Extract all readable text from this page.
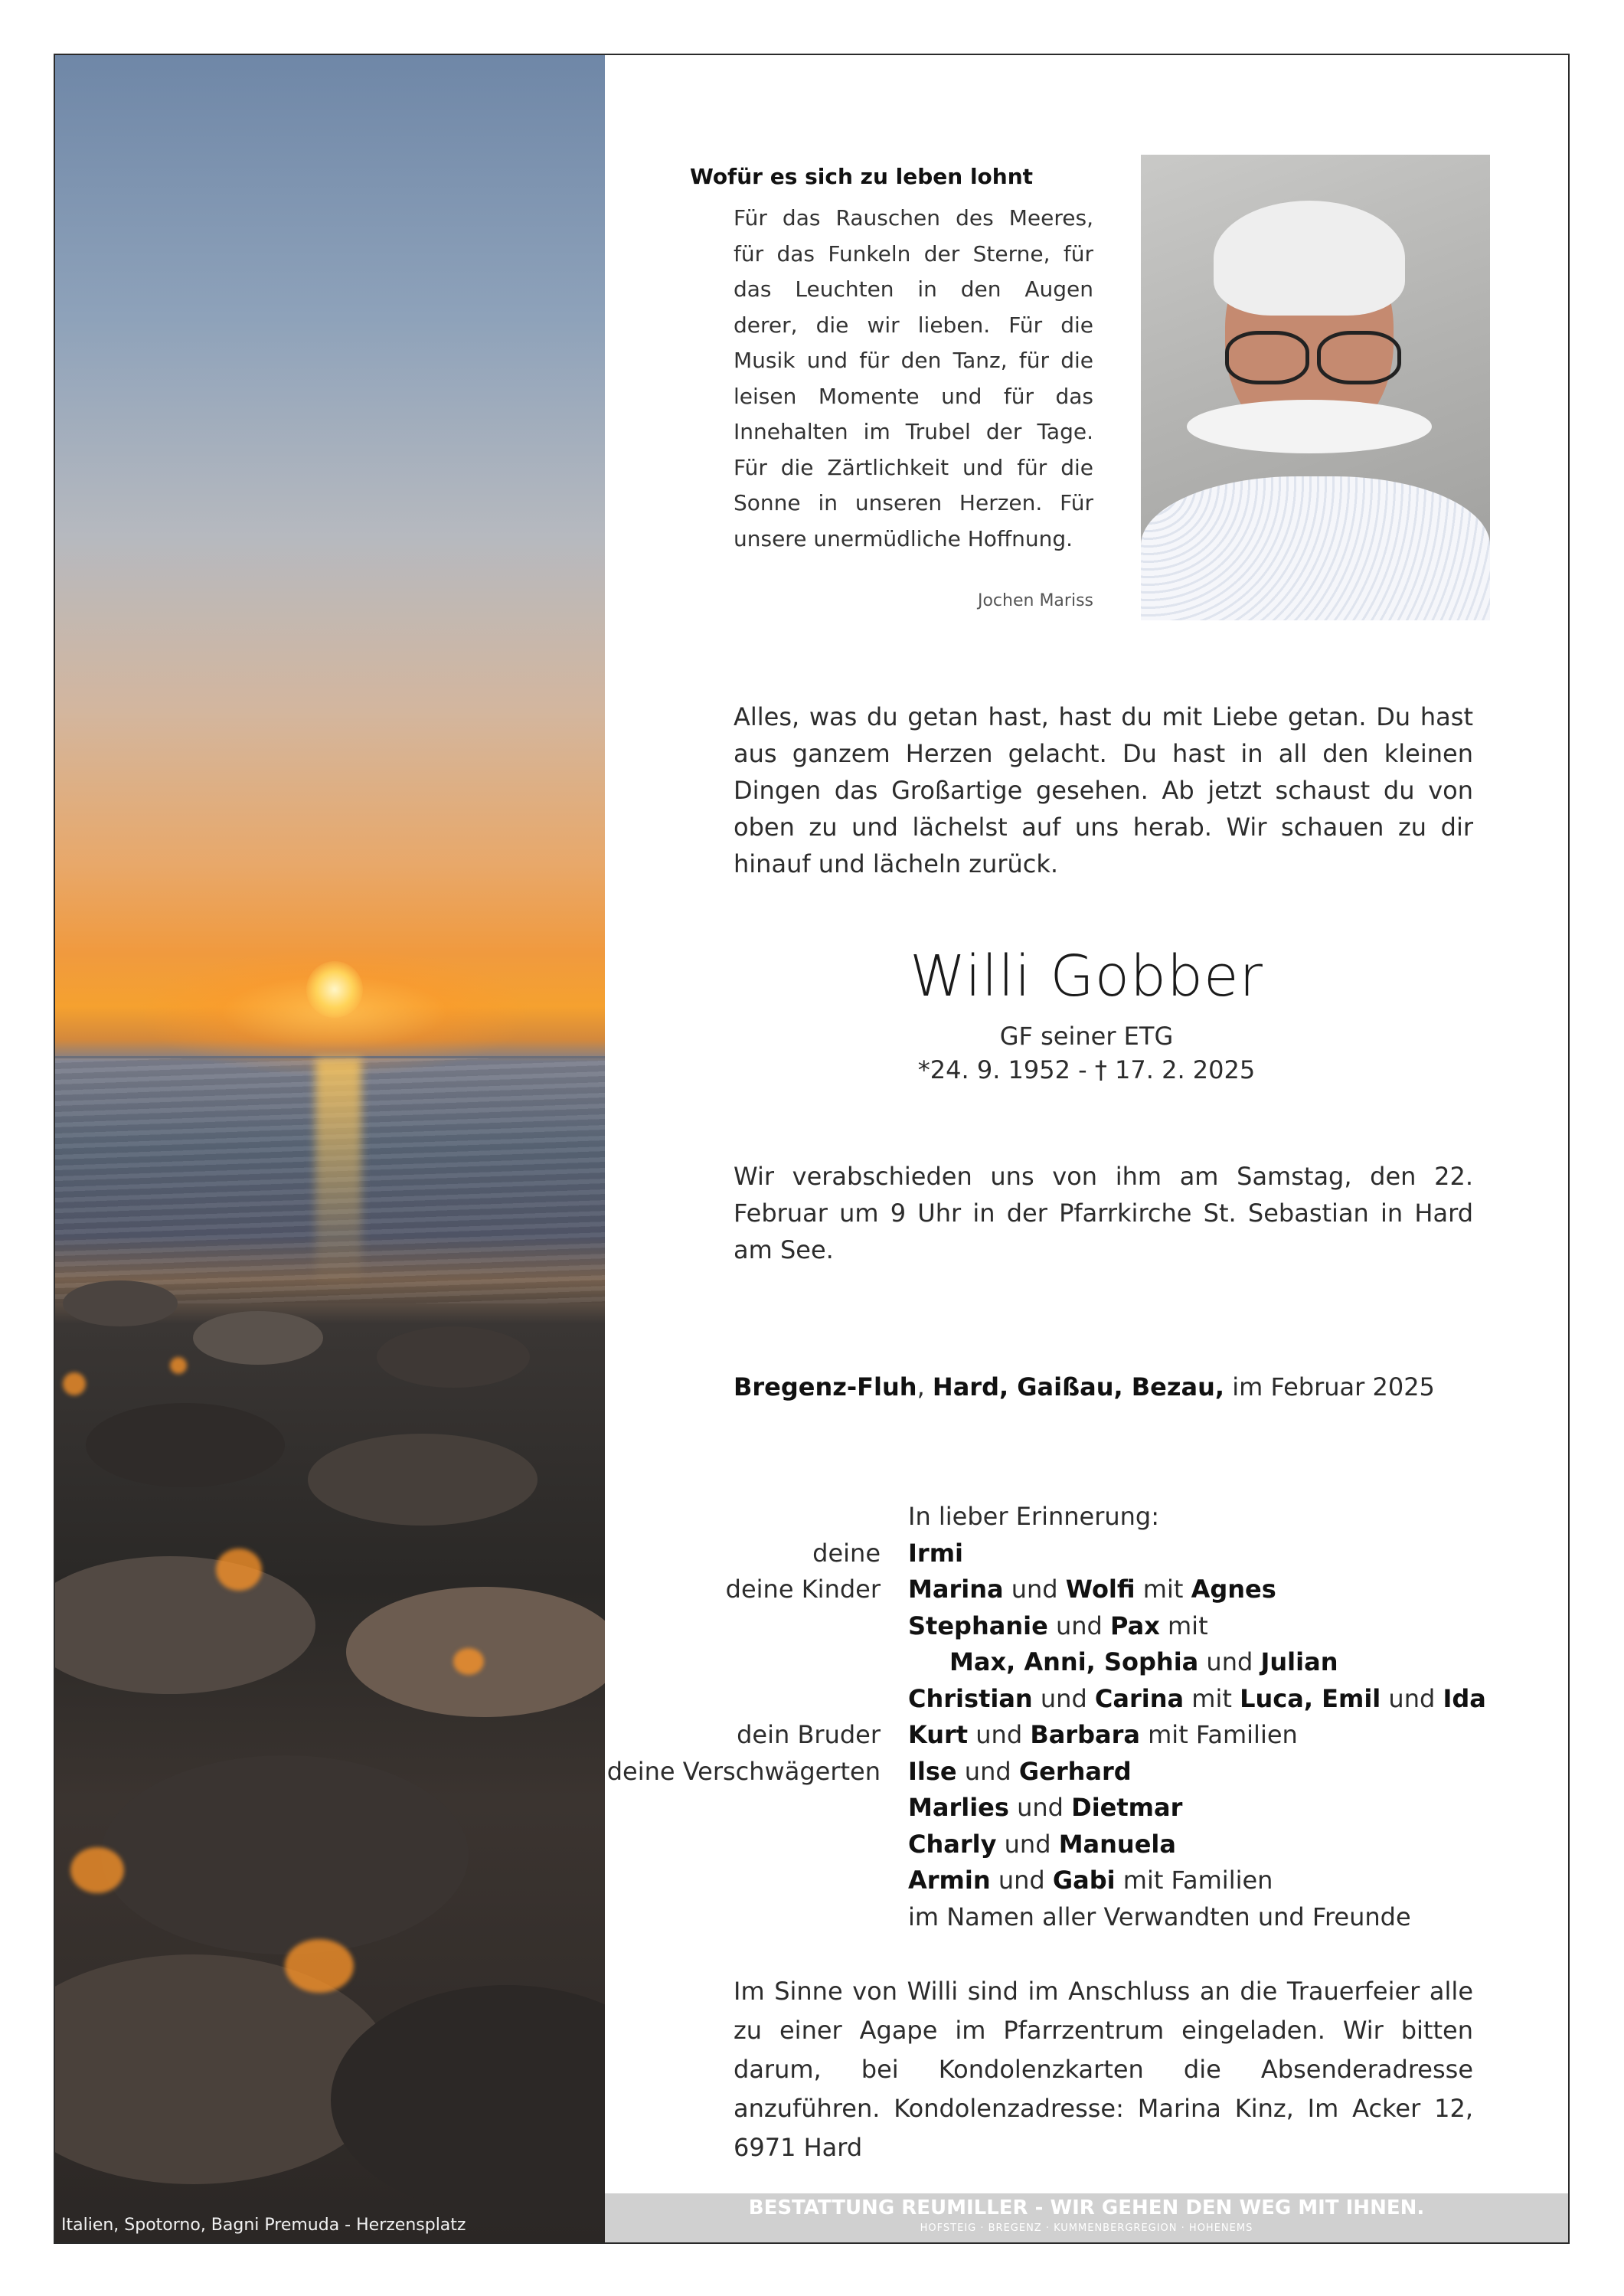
Italien, Spotorno, Bagni Premuda - Herzensplatz
Wofür es sich zu leben lohnt
Für das Rauschen des Meeres, für das Funkeln der Sterne, für das Leuchten in den Augen derer, die wir lieben. Für die Musik und für den Tanz, für die leisen Momente und für das Innehalten im Trubel der Tage. Für die Zärtlichkeit und für die Sonne in unseren Herzen. Für unsere unermüdliche Hoffnung.
Jochen Mariss
Alles, was du getan hast, hast du mit Liebe getan. Du hast aus ganzem Herzen gelacht. Du hast in all den kleinen Dingen das Großartige gesehen. Ab jetzt schaust du von oben zu und lächelst auf uns herab. Wir schauen zu dir hinauf und lächeln zurück.
Willi Gobber
GF seiner ETG
*24. 9. 1952 - † 17. 2. 2025
Wir verabschieden uns von ihm am Samstag, den 22. Februar um 9 Uhr in der Pfarrkirche St. Sebastian in Hard am See.
Bregenz-Fluh, Hard, Gaißau, Bezau, im Februar 2025
In lieber Erinnerung:
deine Irmi
deine Kinder Marina und Wolfi mit Agnes
Stephanie und Pax mit
Max, Anni, Sophia und Julian
Christian und Carina mit Luca, Emil und Ida
dein Bruder Kurt und Barbara mit Familien
deine Verschwägerten Ilse und Gerhard
Marlies und Dietmar
Charly und Manuela
Armin und Gabi mit Familien
im Namen aller Verwandten und Freunde
Im Sinne von Willi sind im Anschluss an die Trauerfeier alle zu einer Agape im Pfarrzentrum eingeladen. Wir bitten darum, bei Kondolenzkarten die Absenderadresse anzuführen. Kondolenzadresse: Marina Kinz, Im Acker 12, 6971 Hard
BESTATTUNG REUMILLER - WIR GEHEN DEN WEG MIT IHNEN.
HOFSTEIG · BREGENZ · KUMMENBERGREGION · HOHENEMS
